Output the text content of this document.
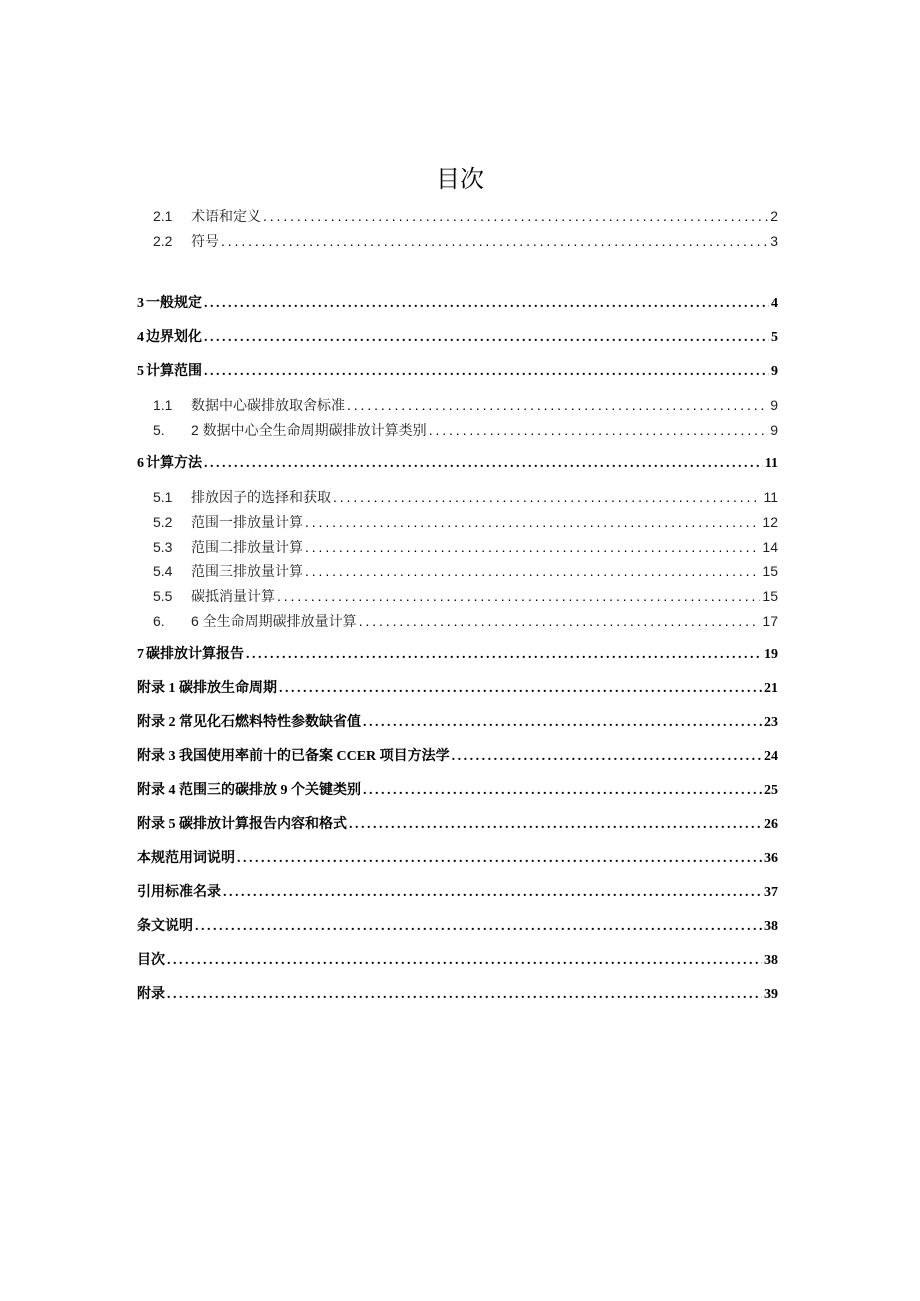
目次
2.1	术语和定义 . . .	2
2.2	符号 . . .	3
3 一般规定 . . .	4
4 边界划化 . . .	5
5 计算范围 . . .	9
1.1	数据中心碳排放取舍标准 . . .	9
5.	2 数据中心全生命周期碳排放计算类别 . . .	9
6 计算方法 . . .	11
5.1	排放因子的选择和获取 . . .	11
5.2	范围一排放量计算 . . .	12
5.3	范围二排放量计算 . . .	14
5.4	范围三排放量计算 . . .	15
5.5	碳抵消量计算 . . .	15
6.	6 全生命周期碳排放量计算 . . .	17
7 碳排放计算报告 . . .	19
附录 1 碳排放生命周期 . . .	21
附录 2 常见化石燃料特性参数缺省值 . . .	23
附录 3 我国使用率前十的已备案 CCER 项目方法学 . . .	24
附录 4 范围三的碳排放 9 个关键类别 . . .	25
附录 5 碳排放计算报告内容和格式 . . .	26
本规范用词说明 . . .	36
引用标准名录 . . .	37
条文说明 . . .	38
目次 . . .	38
附录 . . .	39
